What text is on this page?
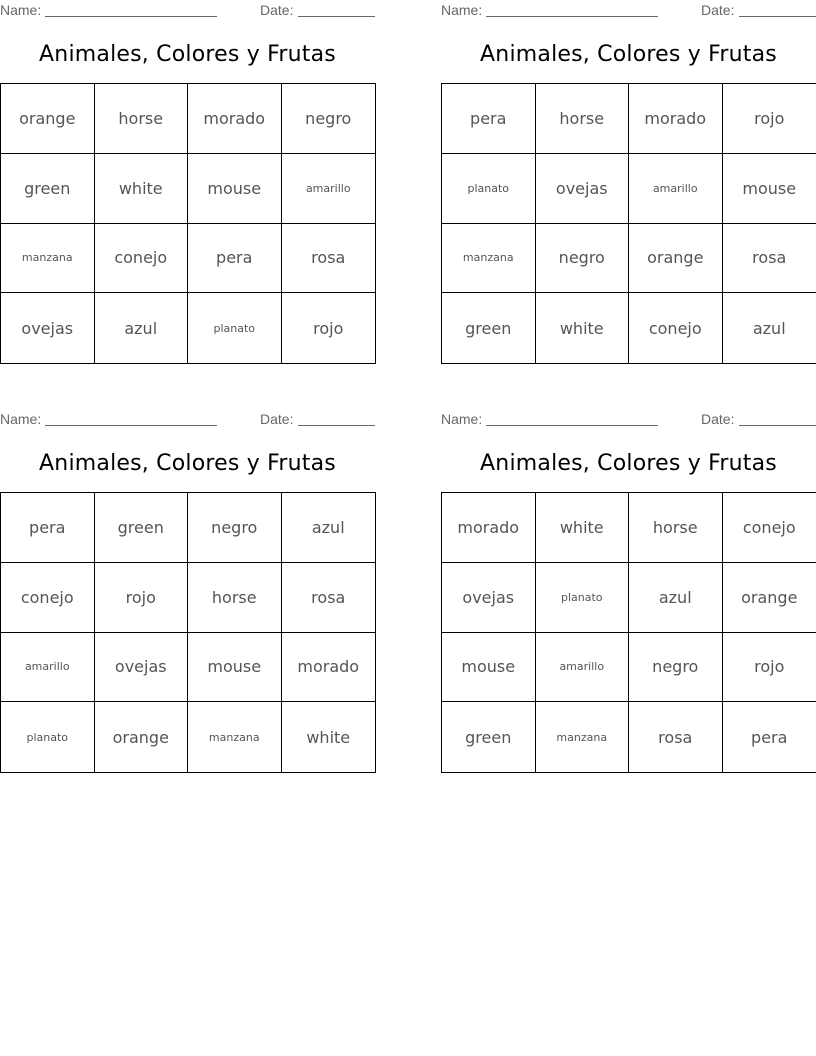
Name:	Date:
Animales, Colores y Frutas
orange	horse	morado	negro
green	white	mouse	amarillo
manzana	conejo	pera	rosa
ovejas	azul	planato	rojo
Name:	Date:
Animales, Colores y Frutas
pera	horse	morado	rojo
planato	ovejas	amarillo	mouse
manzana	negro	orange	rosa
green	white	conejo	azul
Name:	Date:
Animales, Colores y Frutas
pera	green	negro	azul
conejo	rojo	horse	rosa
amarillo	ovejas	mouse	morado
planato	orange	manzana	white
Name:	Date:
Animales, Colores y Frutas
morado	white	horse	conejo
ovejas	planato	azul	orange
mouse	amarillo	negro	rojo
green	manzana	rosa	pera
